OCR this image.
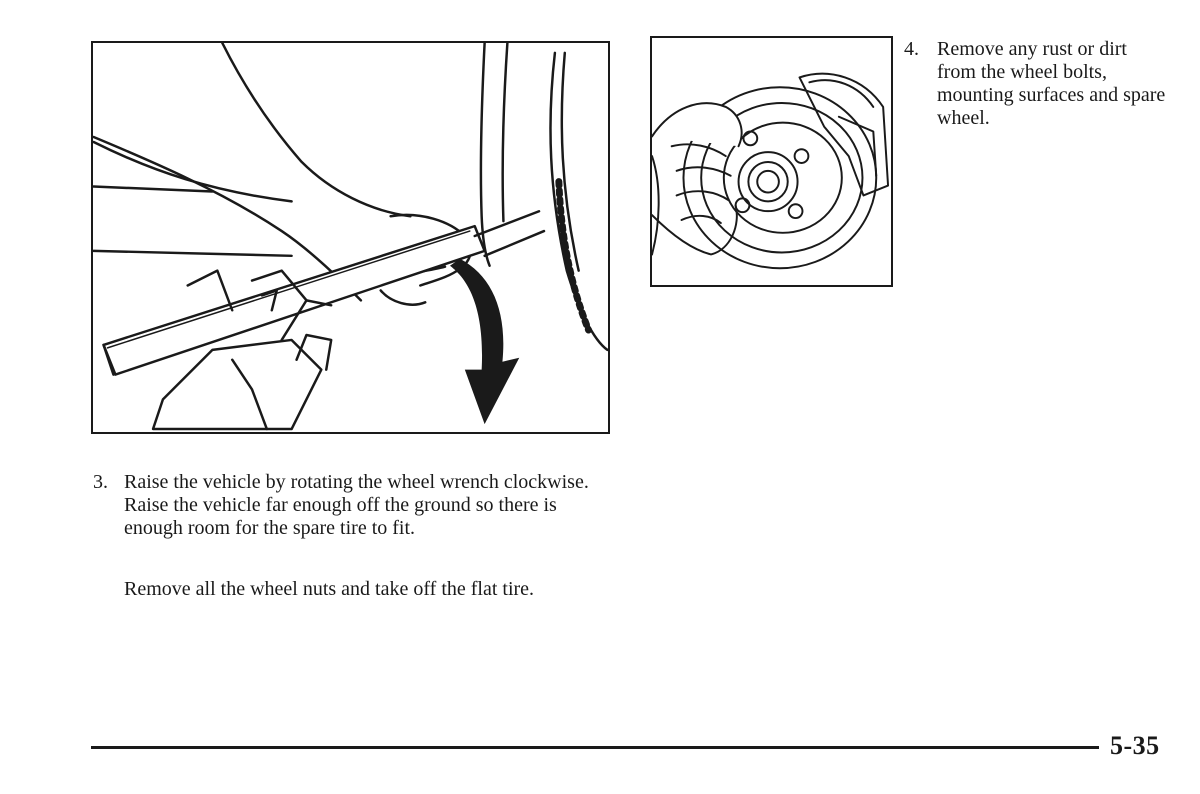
4. Remove any rust or dirt from the wheel bolts, mounting surfaces and spare wheel.
3. Raise the vehicle by rotating the wheel wrench clockwise. Raise the vehicle far enough off the ground so there is enough room for the spare tire to fit.
Remove all the wheel nuts and take off the flat tire.
5-35
